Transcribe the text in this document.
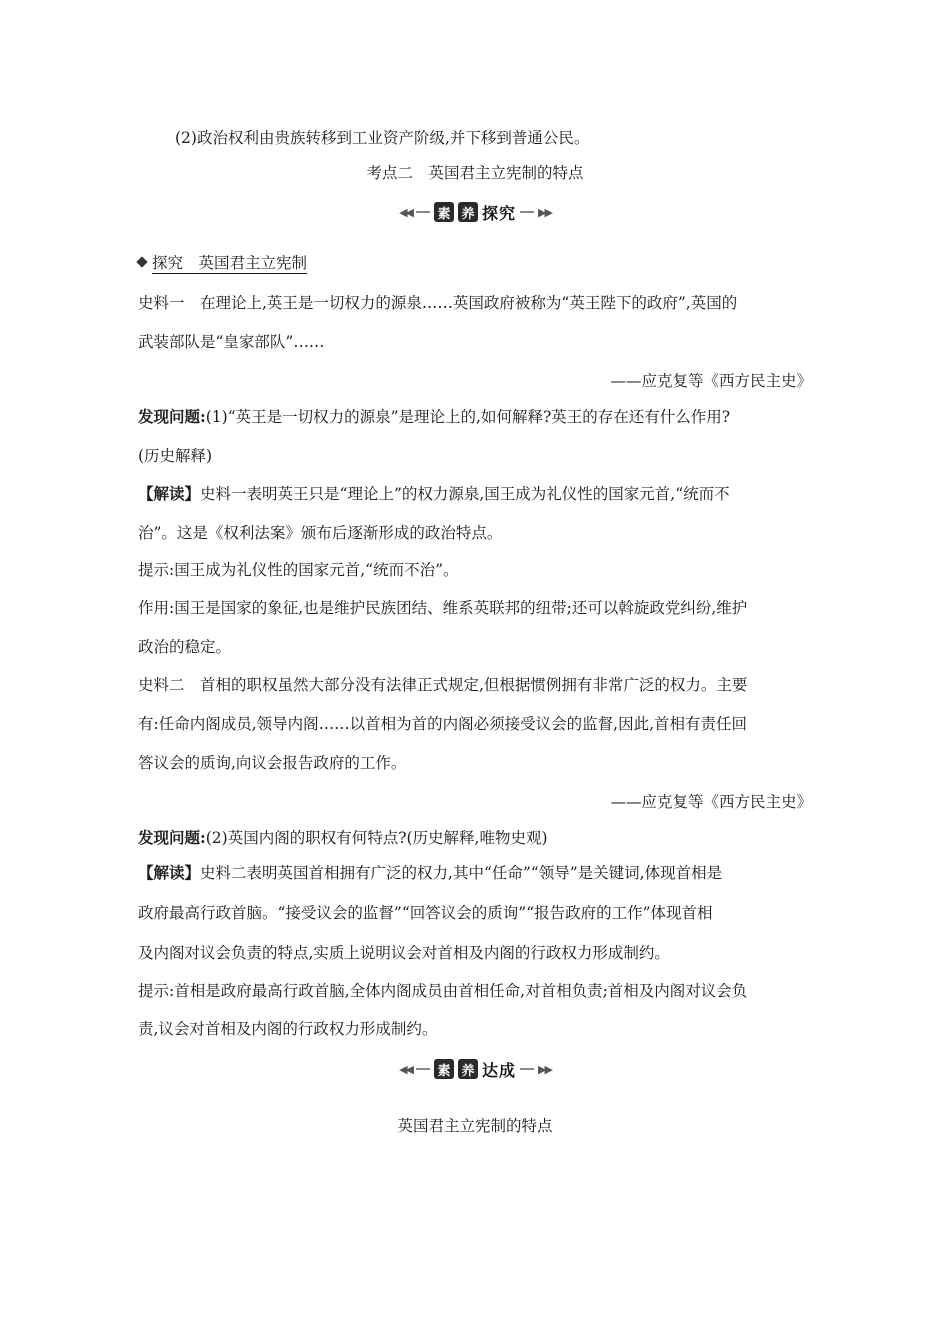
(2)政治权利由贵族转移到工业资产阶级,并下移到普通公民。
考点二　英国君主立宪制的特点
◀◀ 素 养 探究 ▶▶
探究　英国君主立宪制
史料一　在理论上,英王是一切权力的源泉……英国政府被称为“英王陛下的政府”,英国的
武装部队是“皇家部队”……
——应克复等《西方民主史》
发现问题:(1)“英王是一切权力的源泉”是理论上的,如何解释?英王的存在还有什么作用?
(历史解释)
【解读】史料一表明英王只是“理论上”的权力源泉,国王成为礼仪性的国家元首,“统而不
治”。这是《权利法案》颁布后逐渐形成的政治特点。
提示:国王成为礼仪性的国家元首,“统而不治”。
作用:国王是国家的象征,也是维护民族团结、维系英联邦的纽带;还可以斡旋政党纠纷,维护
政治的稳定。
史料二　首相的职权虽然大部分没有法律正式规定,但根据惯例拥有非常广泛的权力。主要
有:任命内阁成员,领导内阁……以首相为首的内阁必须接受议会的监督,因此,首相有责任回
答议会的质询,向议会报告政府的工作。
——应克复等《西方民主史》
发现问题:(2)英国内阁的职权有何特点?(历史解释,唯物史观)
【解读】史料二表明英国首相拥有广泛的权力,其中“任命”“领导”是关键词,体现首相是
政府最高行政首脑。“接受议会的监督”“回答议会的质询”“报告政府的工作”体现首相
及内阁对议会负责的特点,实质上说明议会对首相及内阁的行政权力形成制约。
提示:首相是政府最高行政首脑,全体内阁成员由首相任命,对首相负责;首相及内阁对议会负
责,议会对首相及内阁的行政权力形成制约。
◀◀ 素 养 达成 ▶▶
英国君主立宪制的特点
